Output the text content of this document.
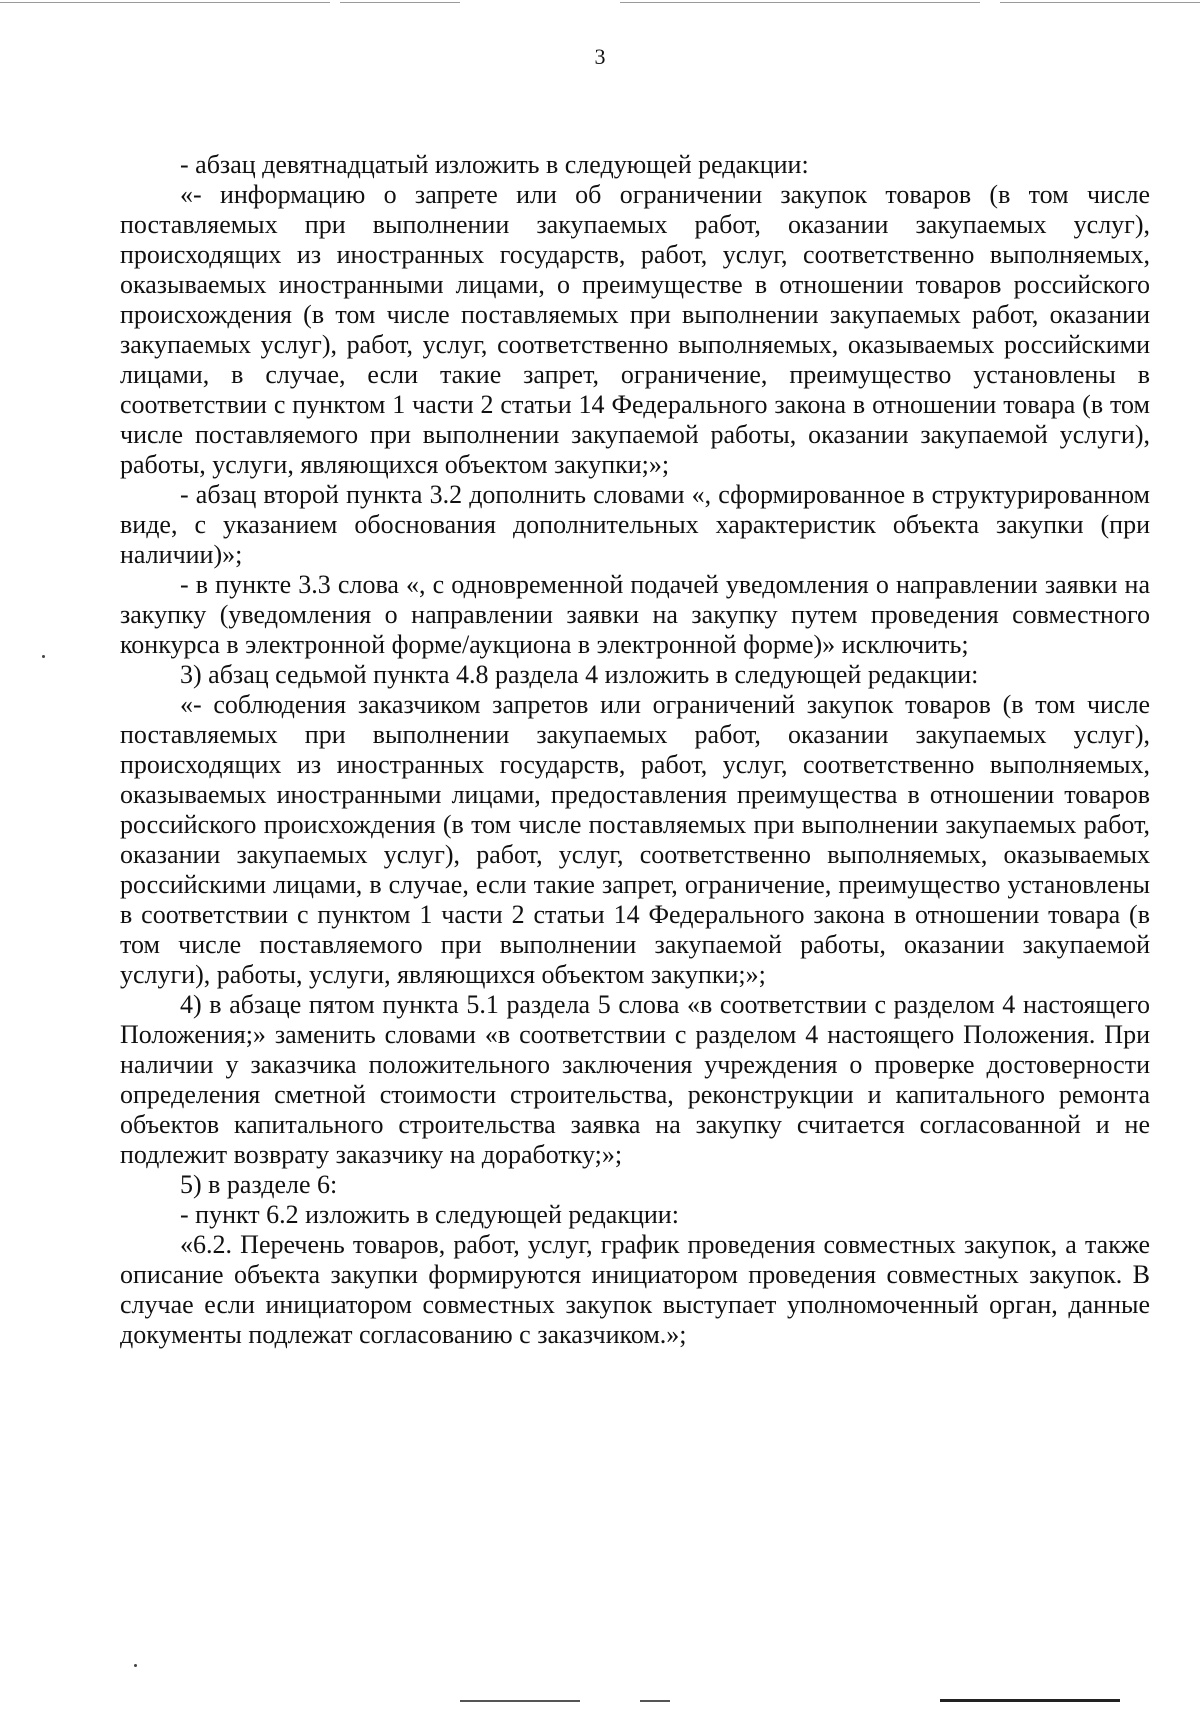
3

- абзац девятнадцатый изложить в следующей редакции:

«- информацию о запрете или об ограничении закупок товаров (в том числе поставляемых при выполнении закупаемых работ, оказании закупаемых услуг), происходящих из иностранных государств, работ, услуг, соответственно выполняемых, оказываемых иностранными лицами, о преимуществе в отношении товаров российского происхождения (в том числе поставляемых при выполнении закупаемых работ, оказании закупаемых услуг), работ, услуг, соответственно выполняемых, оказываемых российскими лицами, в случае, если такие запрет, ограничение, преимущество установлены в соответствии с пунктом 1 части 2 статьи 14 Федерального закона в отношении товара (в том числе поставляемого при выполнении закупаемой работы, оказании закупаемой услуги), работы, услуги, являющихся объектом закупки;»;

- абзац второй пункта 3.2 дополнить словами «, сформированное в структурированном виде, с указанием обоснования дополнительных характеристик объекта закупки (при наличии)»;

- в пункте 3.3 слова «, с одновременной подачей уведомления о направлении заявки на закупку (уведомления о направлении заявки на закупку путем проведения совместного конкурса в электронной форме/аукциона в электронной форме)» исключить;

3) абзац седьмой пункта 4.8 раздела 4 изложить в следующей редакции:

«- соблюдения заказчиком запретов или ограничений закупок товаров (в том числе поставляемых при выполнении закупаемых работ, оказании закупаемых услуг), происходящих из иностранных государств, работ, услуг, соответственно выполняемых, оказываемых иностранными лицами, предоставления преимущества в отношении товаров российского происхождения (в том числе поставляемых при выполнении закупаемых работ, оказании закупаемых услуг), работ, услуг, соответственно выполняемых, оказываемых российскими лицами, в случае, если такие запрет, ограничение, преимущество установлены в соответствии с пунктом 1 части 2 статьи 14 Федерального закона в отношении товара (в том числе поставляемого при выполнении закупаемой работы, оказании закупаемой услуги), работы, услуги, являющихся объектом закупки;»;

4) в абзаце пятом пункта 5.1 раздела 5 слова «в соответствии с разделом 4 настоящего Положения;» заменить словами «в соответствии с разделом 4 настоящего Положения. При наличии у заказчика положительного заключения учреждения о проверке достоверности определения сметной стоимости строительства, реконструкции и капитального ремонта объектов капитального строительства заявка на закупку считается согласованной и не подлежит возврату заказчику на доработку;»;

5) в разделе 6:

- пункт 6.2 изложить в следующей редакции:

«6.2. Перечень товаров, работ, услуг, график проведения совместных закупок, а также описание объекта закупки формируются инициатором проведения совместных закупок. В случае если инициатором совместных закупок выступает уполномоченный орган, данные документы подлежат согласованию с заказчиком.»;
